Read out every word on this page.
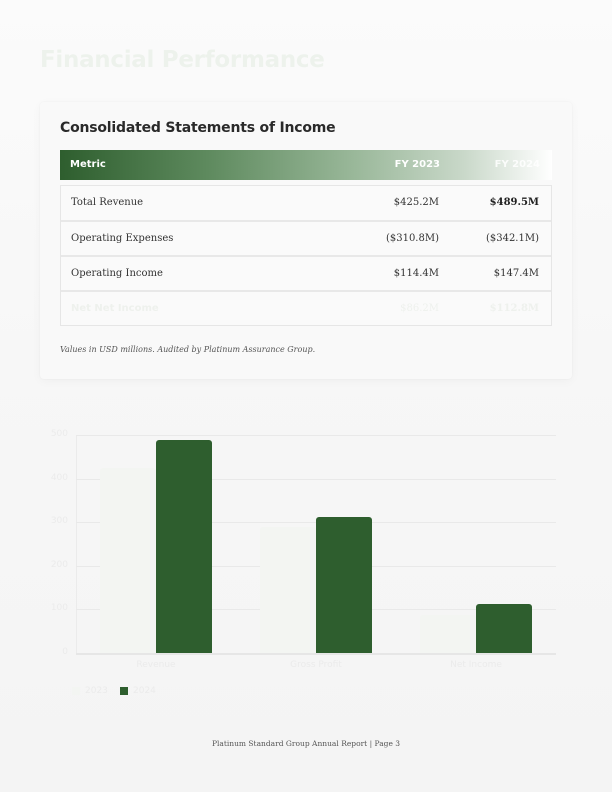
Financial Performance
Consolidated Statements of Income
Metric	FY 2023	FY 2024
Total Revenue	$425.2M	$489.5M
Operating Expenses	($310.8M)	($342.1M)
Operating Income	$114.4M	$147.4M
Net Net Income	$86.2M	$112.8M
Values in USD millions. Audited by Platinum Assurance Group.
0
100
200
300
400
500
Revenue	Gross Profit	Net Income
2023	2024
Platinum Standard Group Annual Report | Page 3
